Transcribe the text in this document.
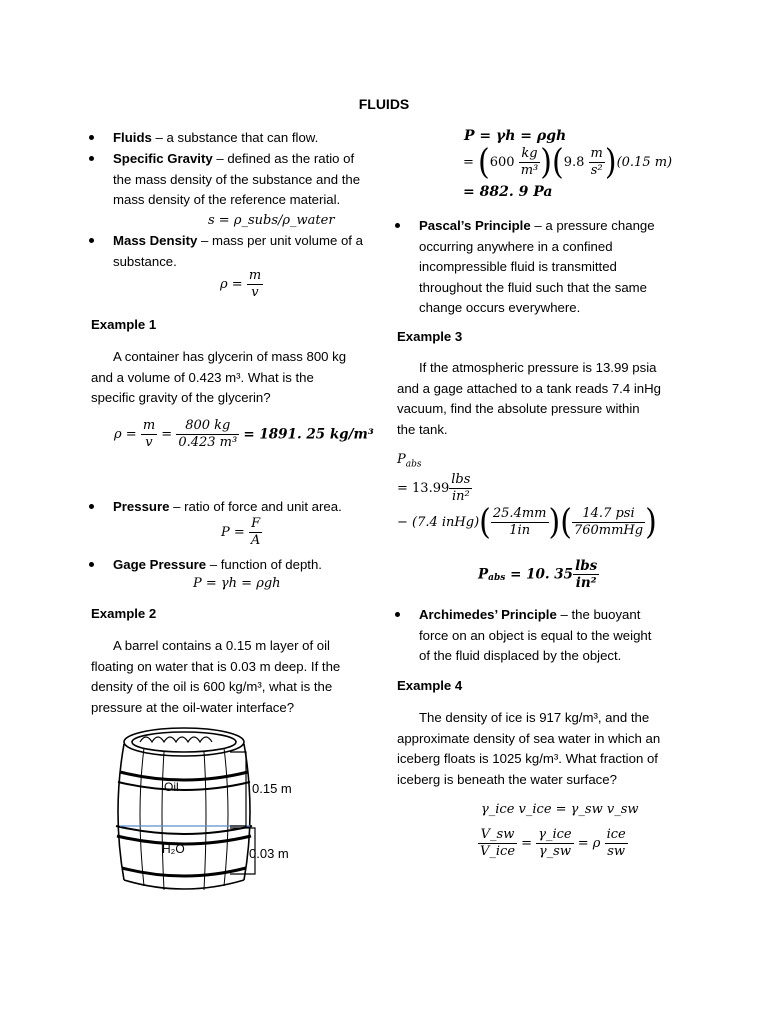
FLUIDS
Fluids – a substance that can flow.
Specific Gravity – defined as the ratio of
the mass density of the substance and the
mass density of the reference material.
s = ρ_subs/ρ_water
Mass Density – mass per unit volume of a
substance.
$\rho = \frac{m}{v}$
Example 1
A container has glycerin of mass 800 kg
and a volume of 0.423 m³. What is the
specific gravity of the glycerin?
$\rho = \frac{m}{v} = \frac{800 kg}{\text{0.423 m³}} = 1891$. 25 kg/m³
Pressure – ratio of force and unit area.
$P = \frac{F}{A}$
Gage Pressure – function of depth.
P = γh = ρgh
Example 2
A barrel contains a 0.15 m layer of oil
floating on water that is 0.03 m deep. If the
density of the oil is 600 kg/m³, what is the
pressure at the oil-water interface?
Oil
H₂O
0.15 m
0.03 m
P = γh = ρgh
= $(600 \frac{kg}{\text{m³}} )(9.8 \frac{m}{\text{s²}} )(0.15$ m)
= 882. 9 Pa
Pascal’s Principle – a pressure change
occurring anywhere in a confined
incompressible fluid is transmitted
throughout the fluid such that the same
change occurs everywhere.
Example 3
If the atmospheric pressure is 13.99 psia
and a gage attached to a tank reads 7.4 inHg
vacuum, find the absolute pressure within
the tank.
$P_{abs}$
= 13.99
lbs
in²
− (7.4 inHg)( $\frac{25.4mm}{1in}$ )( 14.7 psi
760mmHg )
$P_{abs} = 10$. 35
lbs
in²
Archimedes’ Principle – the buoyant
force on an object is equal to the weight
of the fluid displaced by the object.
Example 4
The density of ice is 917 kg/m³, and the
approximate density of sea water in which an
iceberg floats is 1025 kg/m³. What fraction of
iceberg is beneath the water surface?
γ_ice v_ice = γ_sw v_sw
V_sw
V_ice
=
γ_ice
γ_sw
= ρ
ice
sw
